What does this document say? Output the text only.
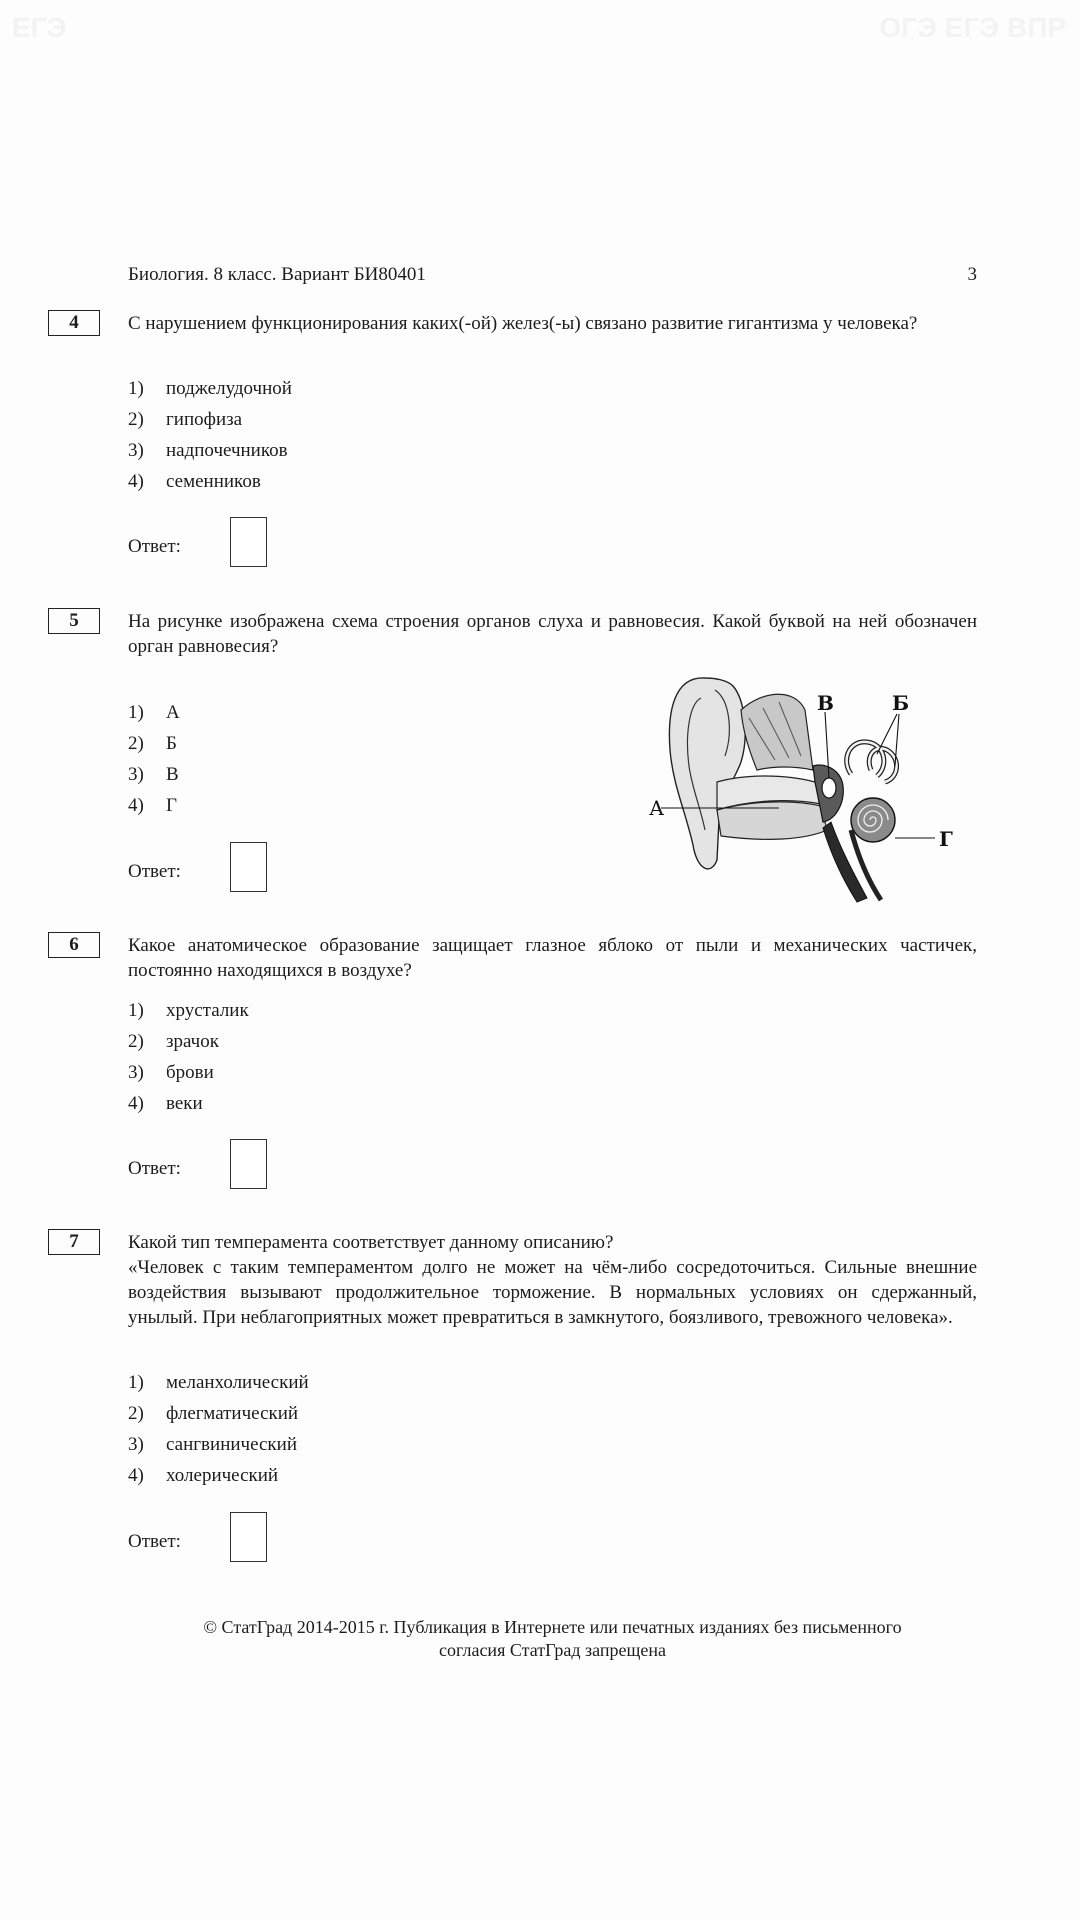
ЕГЭ	ОГЭ ЕГЭ ВПР
Биология. 8 класс. Вариант БИ80401	3
4	С нарушением функционирования каких(-ой) желез(-ы) связано развитие гигантизма у человека?
1)	поджелудочной
2)	гипофиза
3)	надпочечников
4)	семенников
Ответ:
5	На рисунке изображена схема строения органов слуха и равновесия. Какой буквой на ней обозначен орган равновесия?
1)	А
2)	Б
3)	В
4)	Г
Ответ:
А
В	Б
Г
6	Какое анатомическое образование защищает глазное яблоко от пыли и механических частичек, постоянно находящихся в воздухе?
1)	хрусталик
2)	зрачок
3)	брови
4)	веки
Ответ:
7	Какой тип темперамента соответствует данному описанию?
«Человек с таким темпераментом долго не может на чём-либо сосредоточиться. Сильные внешние воздействия вызывают продолжительное торможение. В нормальных условиях он сдержанный, унылый. При неблагоприятных может превратиться в замкнутого, боязливого, тревожного человека».
1)	меланхолический
2)	флегматический
3)	сангвинический
4)	холерический
Ответ:
© СтатГрад 2014-2015 г. Публикация в Интернете или печатных изданиях без письменного
согласия СтатГрад запрещена
